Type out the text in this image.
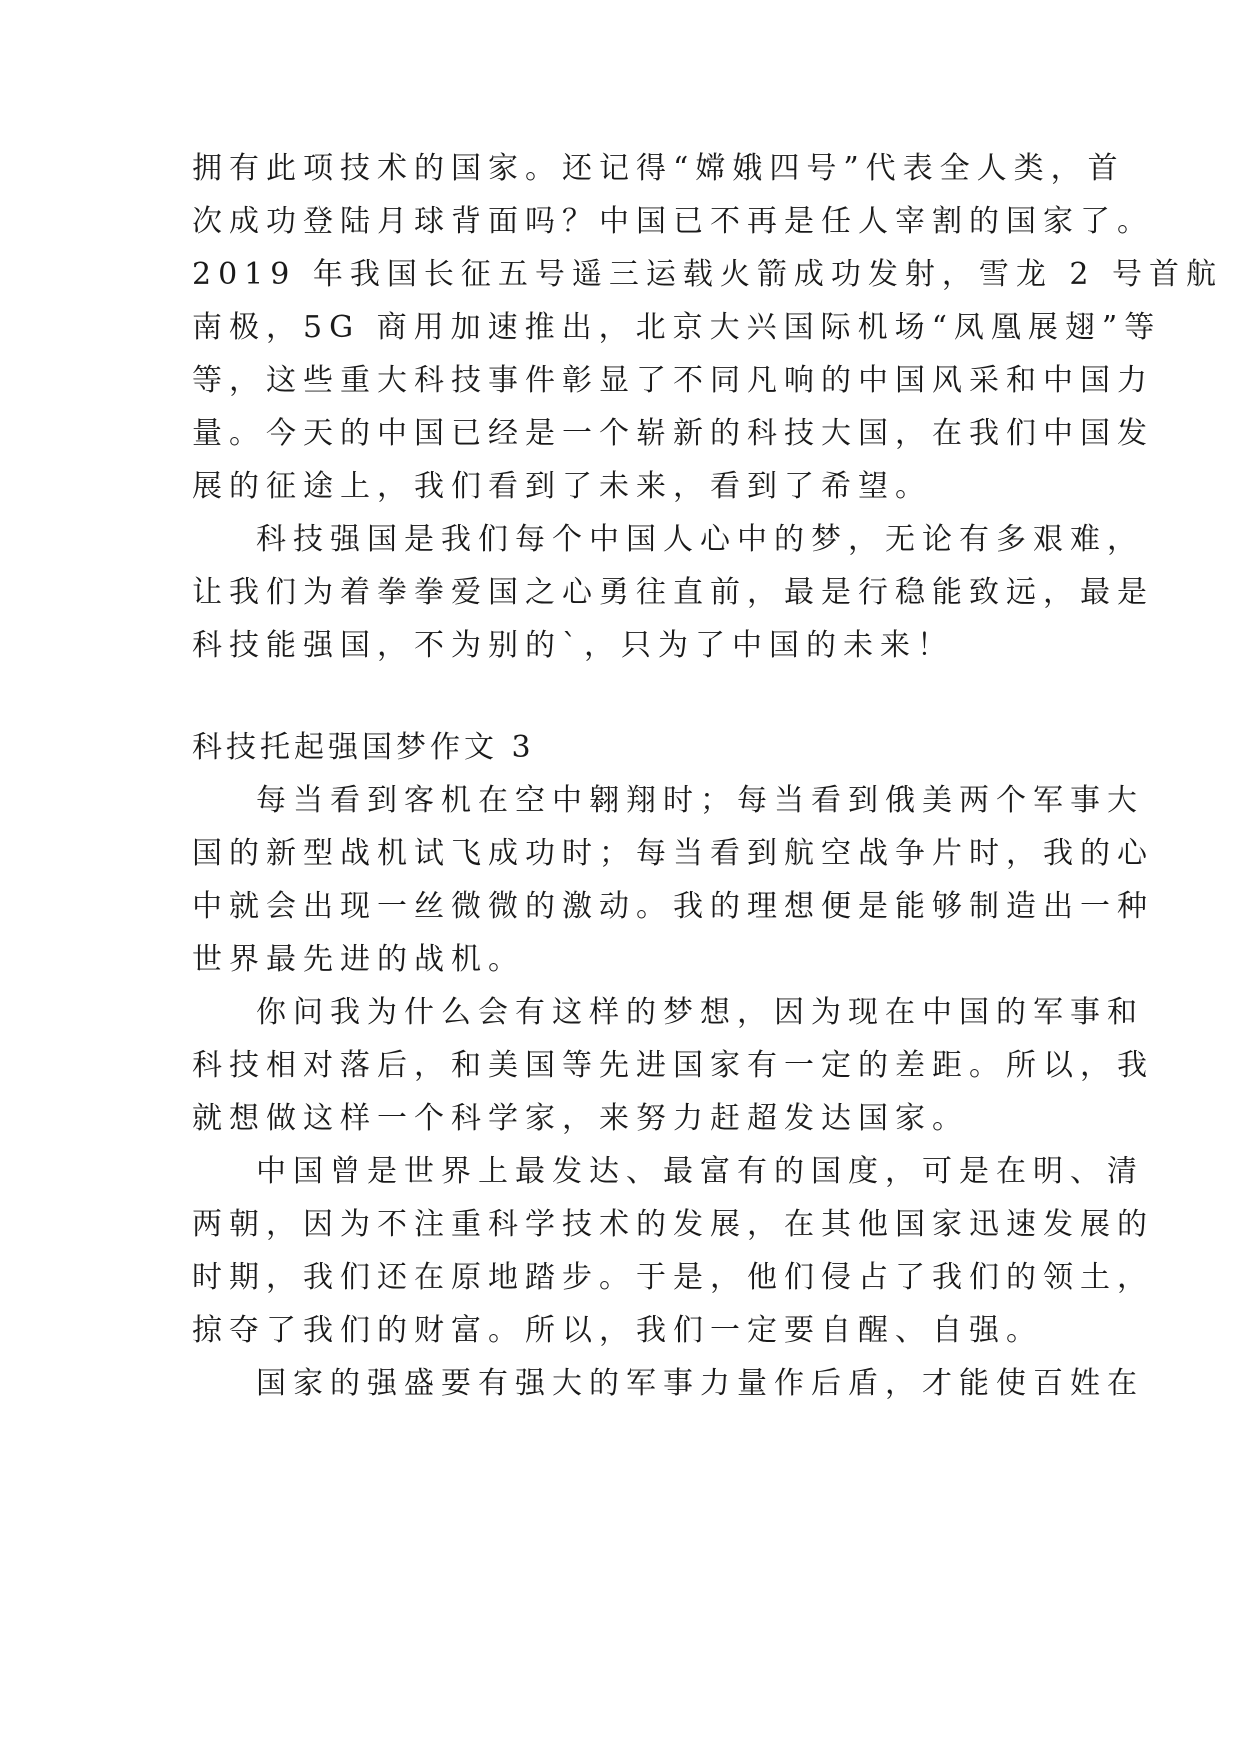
拥有此项技术的国家。还记得“嫦娥四号”代表全人类，首
次成功登陆月球背面吗？中国已不再是任人宰割的国家了。
2019 年我国长征五号遥三运载火箭成功发射，雪龙 2 号首航
南极，5G 商用加速推出，北京大兴国际机场“凤凰展翅”等
等，这些重大科技事件彰显了不同凡响的中国风采和中国力
量。今天的中国已经是一个崭新的科技大国，在我们中国发
展的征途上，我们看到了未来，看到了希望。
科技强国是我们每个中国人心中的梦，无论有多艰难，
让我们为着拳拳爱国之心勇往直前，最是行稳能致远，最是
科技能强国，不为别的`，只为了中国的未来！
科技托起强国梦作文 3
每当看到客机在空中翱翔时；每当看到俄美两个军事大
国的新型战机试飞成功时；每当看到航空战争片时，我的心
中就会出现一丝微微的激动。我的理想便是能够制造出一种
世界最先进的战机。
你问我为什么会有这样的梦想，因为现在中国的军事和
科技相对落后，和美国等先进国家有一定的差距。所以，我
就想做这样一个科学家，来努力赶超发达国家。
中国曾是世界上最发达、最富有的国度，可是在明、清
两朝，因为不注重科学技术的发展，在其他国家迅速发展的
时期，我们还在原地踏步。于是，他们侵占了我们的领土，
掠夺了我们的财富。所以，我们一定要自醒、自强。
国家的强盛要有强大的军事力量作后盾，才能使百姓在
